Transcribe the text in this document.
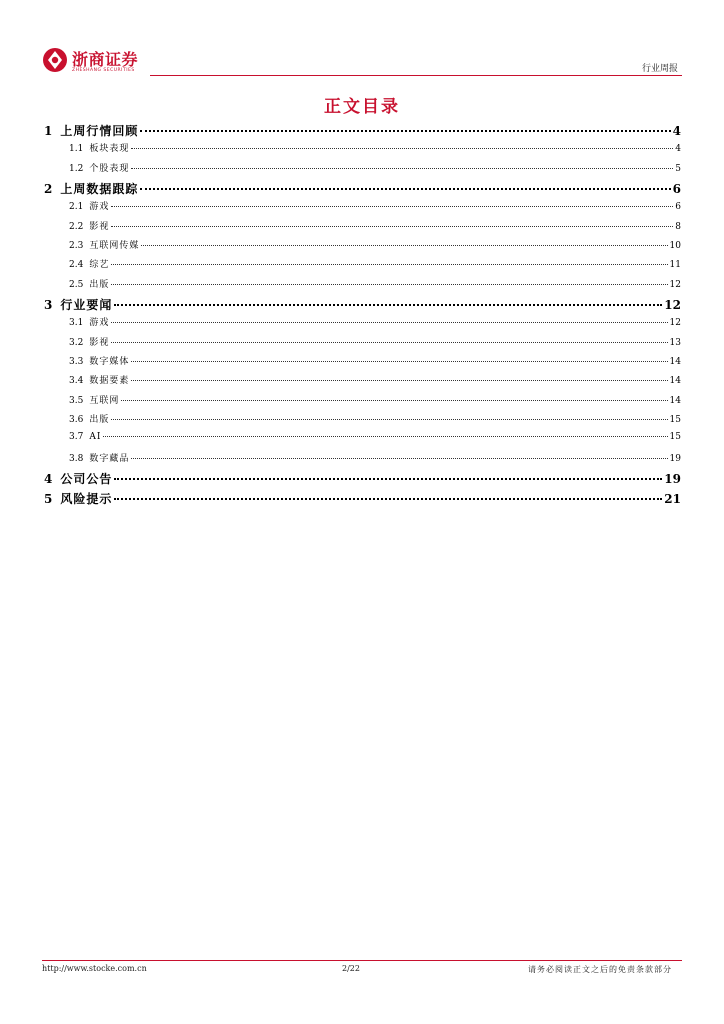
浙商证券
ZHESHANG SECURITIES	行业周报
正文目录
1 上周行情回顾	4
1.1 板块表现	4
1.2 个股表现	5
2 上周数据跟踪	6
2.1 游戏	6
2.2 影视	8
2.3 互联网传媒	10
2.4 综艺	11
2.5 出版	12
3 行业要闻	12
3.1 游戏	12
3.2 影视	13
3.3 数字媒体	14
3.4 数据要素	14
3.5 互联网	14
3.6 出版	15
3.7 AI	15
3.8 数字藏品	19
4 公司公告	19
5 风险提示	21
http://www.stocke.com.cn	2/22	请务必阅读正文之后的免责条款部分
